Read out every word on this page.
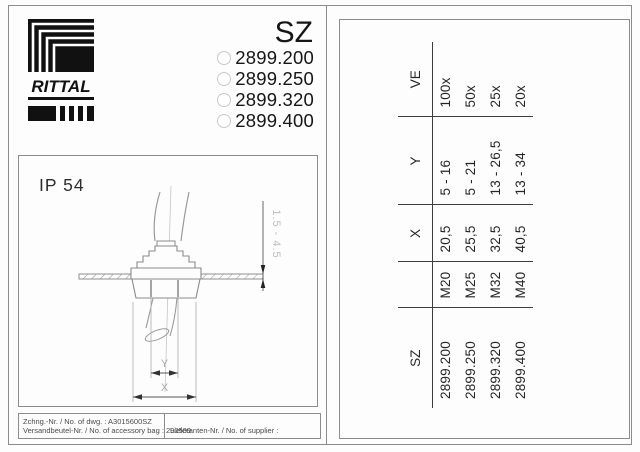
RITTAL
SZ
2899.200
2899.250
2899.320
2899.400
IP 54
Y
X
1.5 - 4.5
Zchng.-Nr. / No. of dwg. : A3015600SZ
Versandbeutel-Nr. / No. of accessory bag : 290509
Lieferanten-Nr. / No. of supplier :
SZ		X	Y	VE
2899.200	M20	20,5	5 - 16	100x
2899.250	M25	25,5	5 - 21	50x
2899.320	M32	32,5	13 - 26,5	25x
2899.400	M40	40,5	13 - 34	20x
